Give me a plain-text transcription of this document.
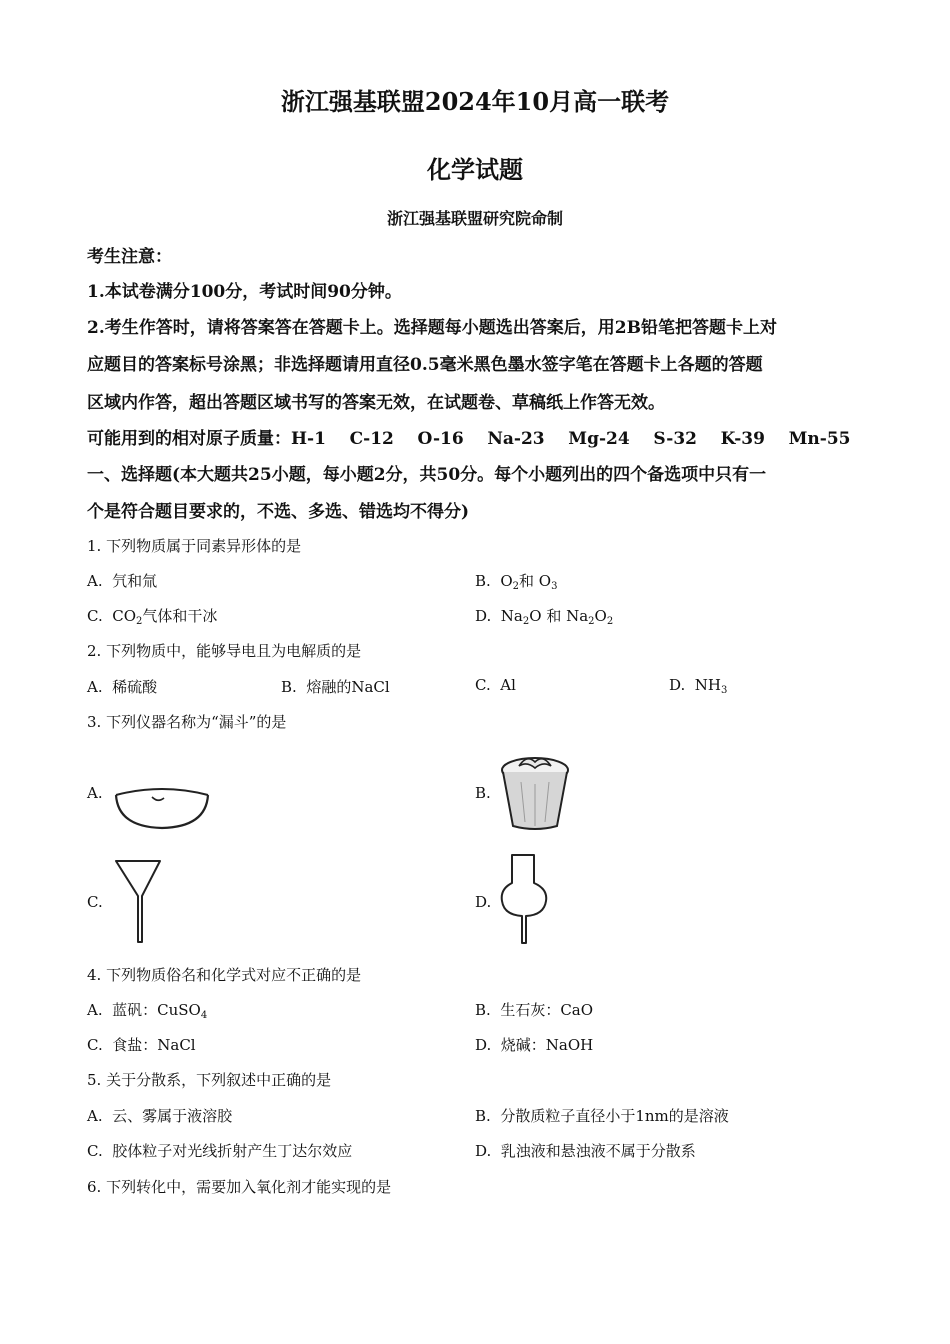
浙江强基联盟2024年10月高一联考
化学试题
浙江强基联盟研究院命制
考生注意：
1.本试卷满分100分，考试时间90分钟。
2.考生作答时，请将答案答在答题卡上。选择题每小题选出答案后，用2B铅笔把答题卡上对
应题目的答案标号涂黑；非选择题请用直径0.5毫米黑色墨水签字笔在答题卡上各题的答题
区域内作答，超出答题区域书写的答案无效，在试题卷、草稿纸上作答无效。
可能用到的相对原子质量：H-1    C-12    O-16    Na-23    Mg-24    S-32    K-39    Mn-55
一、选择题(本大题共25小题，每小题2分，共50分。每个小题列出的四个备选项中只有一
个是符合题目要求的，不选、多选、错选均不得分)
1. 下列物质属于同素异形体的是
A.  氕和氚	B.  $O_2$和 $O_3$
C.  $CO_2$气体和干冰	D.  $Na_2O$ 和 $Na_2O_2$
2. 下列物质中，能够导电且为电解质的是
A.  稀硫酸	B.  熔融的NaCl	C.  Al	D.  $NH_3$
3. 下列仪器名称为“漏斗”的是
A.	B.
C.	D.
4. 下列物质俗名和化学式对应不正确的是
A.  蓝矾：CuSO$_4$	B.  生石灰：CaO
C.  食盐：NaCl	D.  烧碱：NaOH
5. 关于分散系，下列叙述中正确的是
A.  云、雾属于液溶胶	B.  分散质粒子直径小于1nm的是溶液
C.  胶体粒子对光线折射产生丁达尔效应	D.  乳浊液和悬浊液不属于分散系
6. 下列转化中，需要加入氧化剂才能实现的是
